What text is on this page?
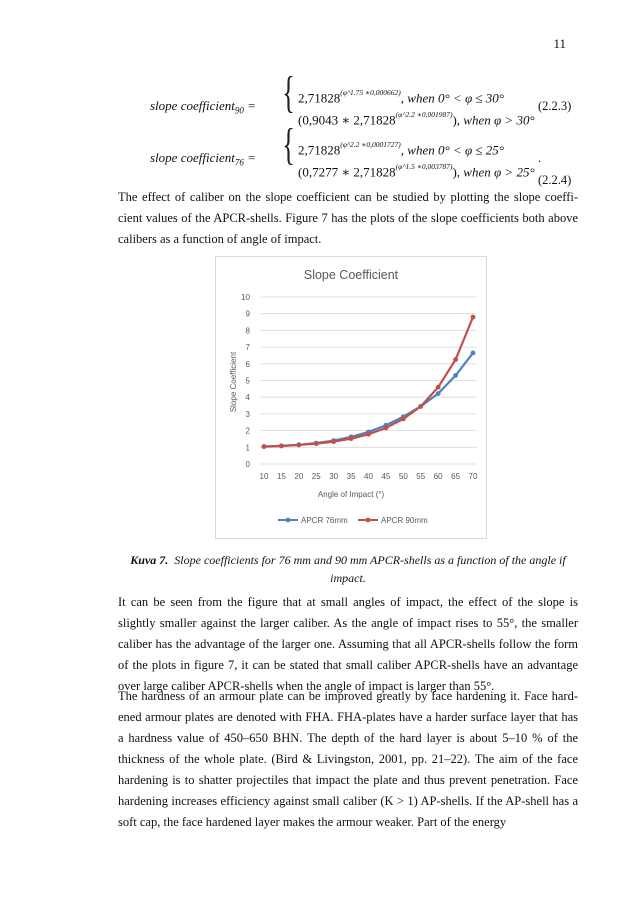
11
slope coefficient$_{90}$ = { $2,71828^{(\varphi\^{}1.75 ∗0,000662)}$, when 0° < φ ≤ 30°
(0,9043 ∗ $2,71828^{(\varphi\^{}2.2 ∗0,001987)}$), when φ > 30°
(2.2.3)
slope coefficient$_{76}$ = { $2,71828^{(\varphi\^{}2.2 ∗0,0001727)}$, when 0° < φ ≤ 25°
(0,7277 ∗ $2,71828^{(\varphi\^{}1.5 ∗0,003787)}$), when φ > 25°
.(2.2.4)
The effect of caliber on the slope coefficient can be studied by plotting the slope coeffi-cient values of the APCR-shells. Figure 7 has the plots of the slope coefficients both above calibers as a function of angle of impact.
Slope Coefficient
0
1
2
3
4
5
6
7
8
9
10
10 15 20 25 30 35 40 45 50 55 60 65 70
Angle of Impact (°)
Slope Coefficient
APCR 76mm	APCR 90mm
Kuva 7. Slope coefficients for 76 mm and 90 mm APCR-shells as a function of the angle if impact.
It can be seen from the figure that at small angles of impact, the effect of the slope is slightly smaller against the larger caliber. As the angle of impact rises to 55°, the smaller caliber has the advantage of the larger one. Assuming that all APCR-shells follow the form of the plots in figure 7, it can be stated that small caliber APCR-shells have an advantage over large caliber APCR-shells when the angle of impact is larger than 55°.
The hardness of an armour plate can be improved greatly by face hardening it. Face hard-ened armour plates are denoted with FHA. FHA-plates have a harder surface layer that has a hardness value of 450–650 BHN. The depth of the hard layer is about 5–10 % of the thickness of the whole plate. (Bird & Livingston, 2001, pp. 21–22). The aim of the face hardening is to shatter projectiles that impact the plate and thus prevent penetration. Face hardening increases efficiency against small caliber (K > 1) AP-shells. If the AP-shell has a soft cap, the face hardened layer makes the armour weaker. Part of the energy
